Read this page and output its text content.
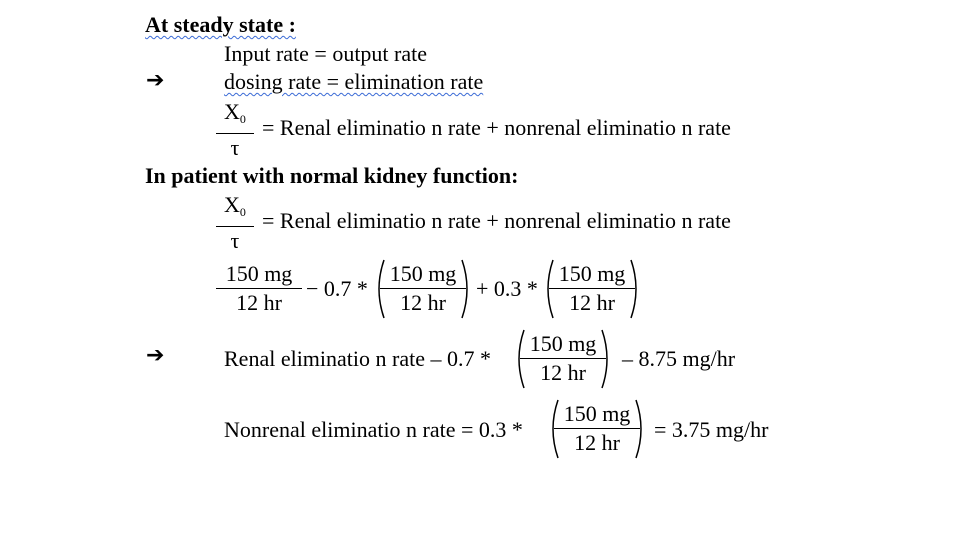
At steady state :
Input rate = output rate
➔	dosing rate = elimination rate
$\frac{X_0}{\tau}$ = Renal eliminatio n rate + nonrenal eliminatio n rate
In patient with normal kidney function:
$\frac{X_0}{\tau}$ = Renal eliminatio n rate + nonrenal eliminatio n rate
$\frac{150 mg}{12 hr} - 0.7 * \frac{150 mg}{12 hr} + 0.3 * \frac{150 mg}{12 hr}$
➔	Renal eliminatio n rate – $0.7 * \frac{150 mg}{12 hr} - 8.75$ mg/hr
Nonrenal eliminatio n rate = $0.3 * \frac{150 mg}{12 hr} = 3.75$ mg/hr
